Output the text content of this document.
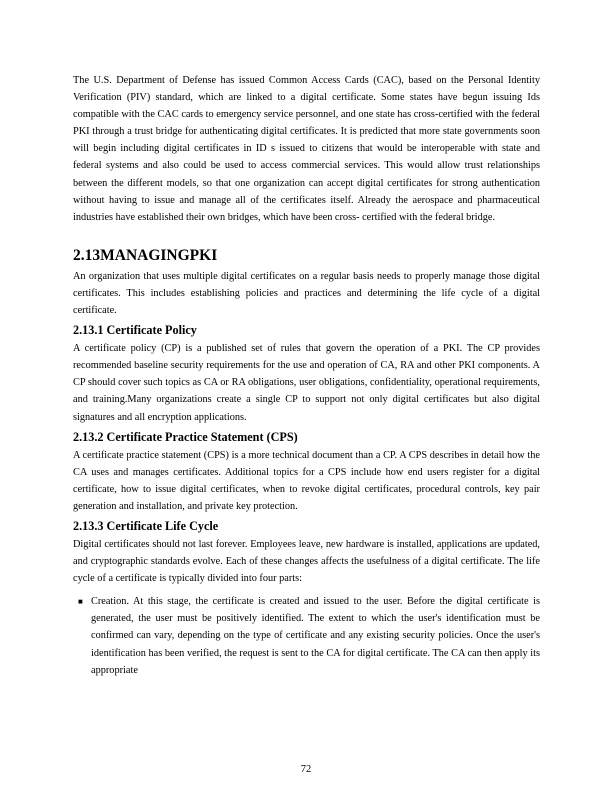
The U.S. Department of Defense has issued Common Access Cards (CAC), based on the Personal Identity Verification (PIV) standard, which are linked to a digital certificate. Some states have begun issuing Ids compatible with the CAC cards to emergency service personnel, and one state has cross-certified with the federal PKI through a trust bridge for authenticating digital certificates. It is predicted that more state governments soon will begin including digital certificates in ID s issued to citizens that would be interoperable with state and federal systems and also could be used to access commercial services. This would allow trust relationships between the different models, so that one organization can accept digital certificates for strong authentication without having to issue and manage all of the certificates itself. Already the aerospace and pharmaceutical industries have established their own bridges, which have been cross- certified with the federal bridge.

2.13MANAGINGPKI

An organization that uses multiple digital certificates on a regular basis needs to properly manage those digital certificates. This includes establishing policies and practices and determining the life cycle of a digital certificate.

2.13.1 Certificate Policy

A certificate policy (CP) is a published set of rules that govern the operation of a PKI. The CP provides recommended baseline security requirements for the use and operation of CA, RA and other PKI components. A CP should cover such topics as CA or RA obligations, user obligations, confidentiality, operational requirements, and training.Many organizations create a single CP to support not only digital certificates but also digital signatures and all encryption applications.

2.13.2 Certificate Practice Statement (CPS)

A certificate practice statement (CPS) is a more technical document than a CP. A CPS describes in detail how the CA uses and manages certificates. Additional topics for a CPS include how end users register for a digital certificate, how to issue digital certificates, when to revoke digital certificates, procedural controls, key pair generation and installation, and private key protection.

2.13.3 Certificate Life Cycle

Digital certificates should not last forever. Employees leave, new hardware is installed, applications are updated, and cryptographic standards evolve. Each of these changes affects the usefulness of a digital certificate. The life cycle of a certificate is typically divided into four parts:

■ Creation. At this stage, the certificate is created and issued to the user. Before the digital certificate is generated, the user must be positively identified. The extent to which the user's identification must be confirmed can vary, depending on the type of certificate and any existing security policies. Once the user's identification has been verified, the request is sent to the CA for digital certificate. The CA can then apply its appropriate
72
